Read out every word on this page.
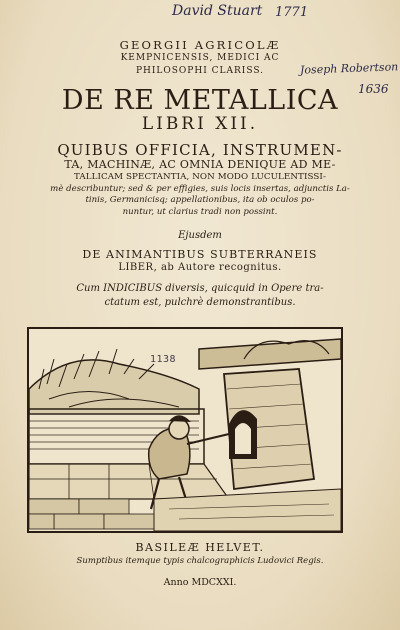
David Stuart 1771
Joseph Robertson
1636
GEORGII AGRICOLÆ
KEMPNICENSIS, MEDICI AC
PHILOSOPHI CLARISS.
DE RE METALLICA
LIBRI XII.
QUIBUS OFFICIA, INSTRUMEN-
TA, MACHINÆ, AC OMNIA DENIQUE AD ME-
TALLICAM SPECTANTIA, NON MODO LUCULENTISSI-
mè describuntur; sed & per effigies, suis locis insertas, adjunctis La-
tinis, Germanicisq; appellationibus, ita ob oculos po-
nuntur, ut clarius tradi non possint.
Ejusdem
DE ANIMANTIBUS SUBTERRANEIS
LIBER, ab Autore recognitus.
Cum INDICIBUS diversis, quicquid in Opere tra-
ctatum est, pulchrè demonstrantibus.
1138
BASILEÆ HELVET.
Sumptibus itemque typis chalcographicis Ludovici Regis.
Anno MDCXXI.
